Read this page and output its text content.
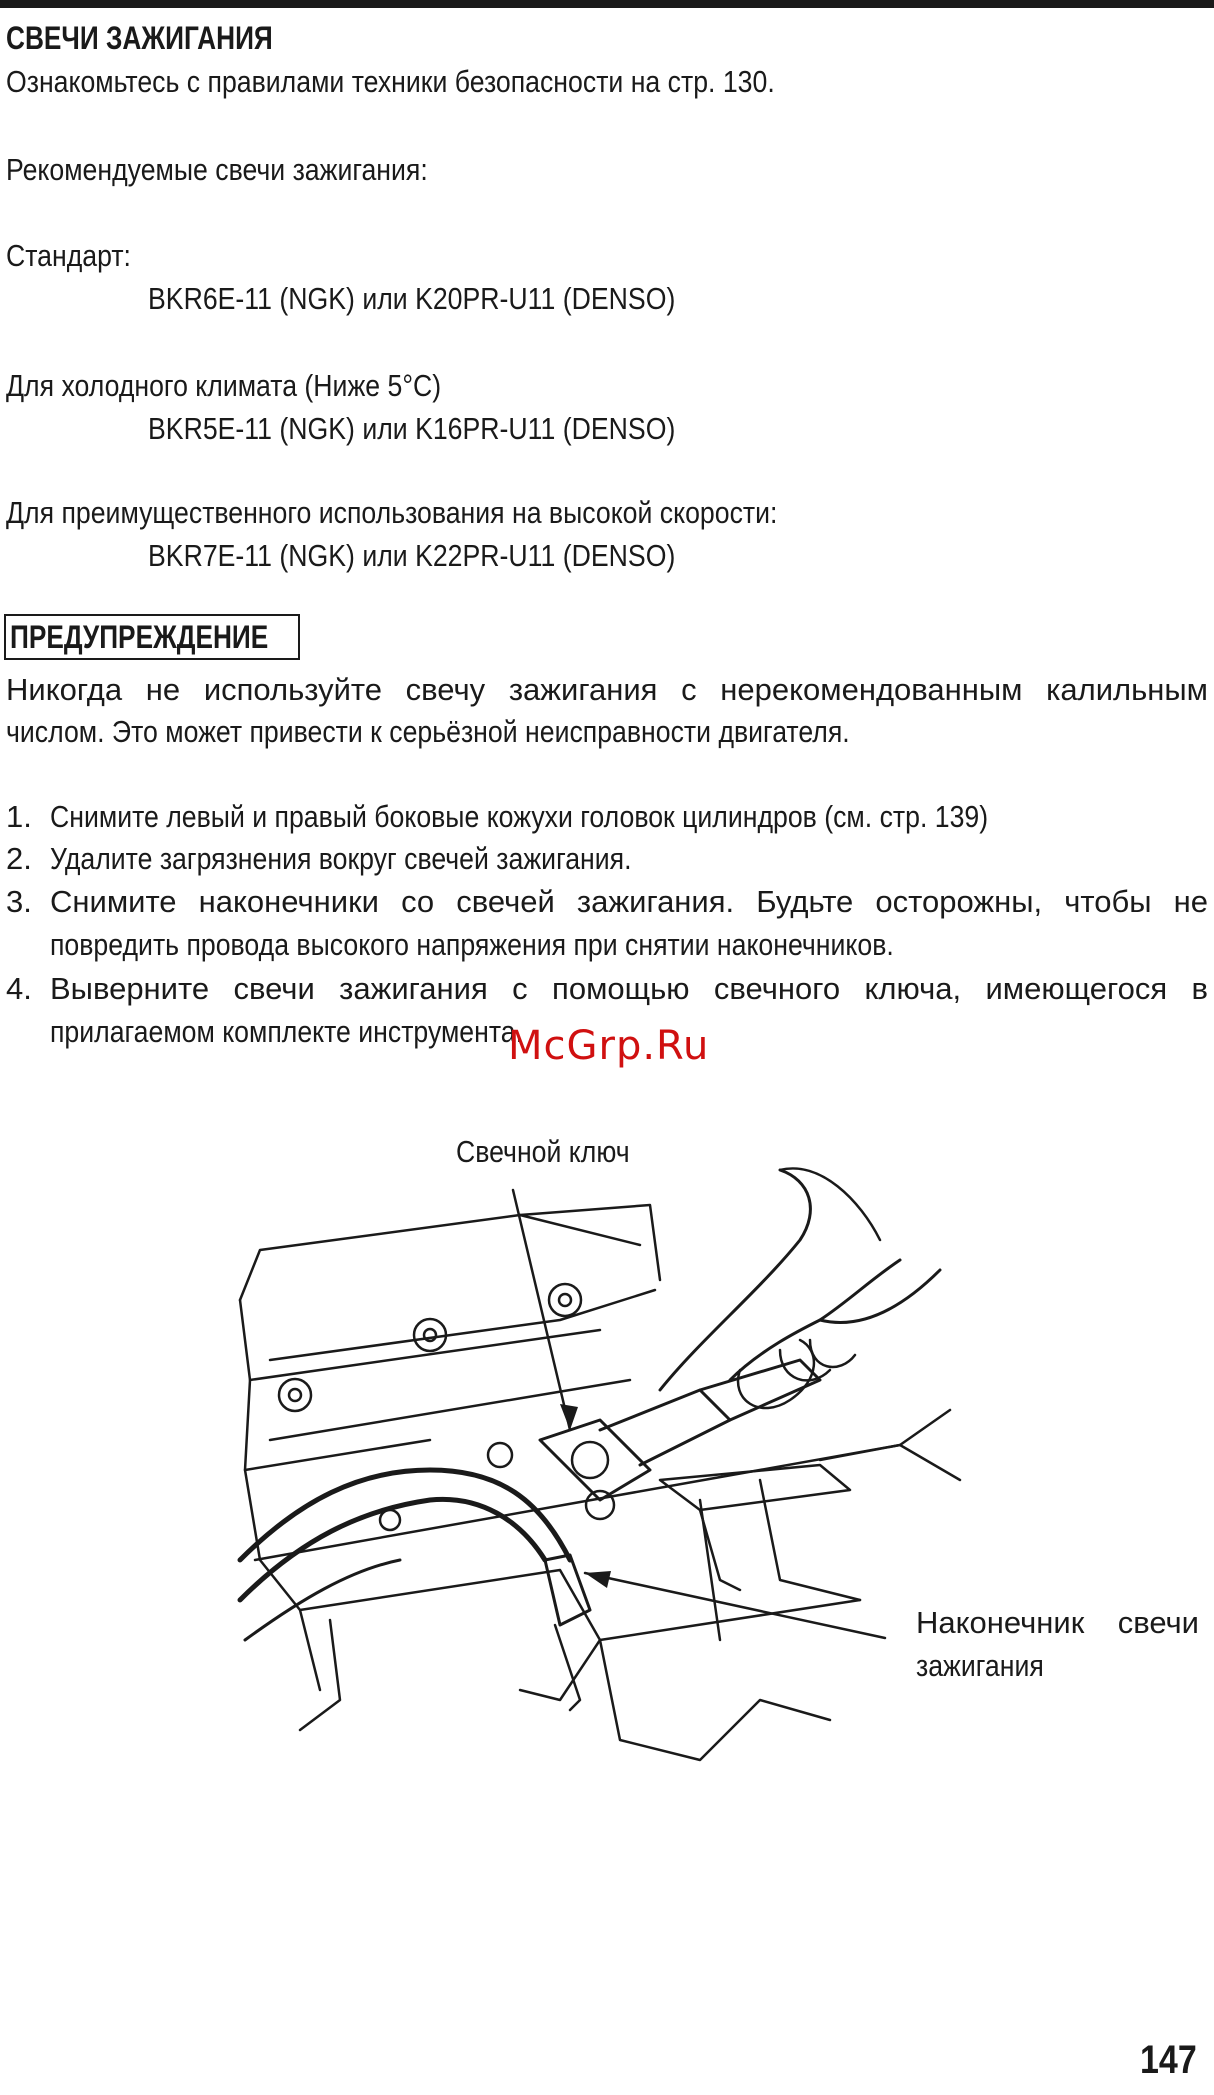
СВЕЧИ ЗАЖИГАНИЯ
Ознакомьтесь с правилами техники безопасности на стр. 130.
Рекомендуемые свечи зажигания:
Стандарт:
BKR6E-11 (NGK) или K20PR-U11 (DENSO)
Для холодного климата (Ниже 5°C)
BKR5E-11 (NGK) или K16PR-U11 (DENSO)
Для преимущественного использования на высокой скорости:
BKR7E-11 (NGK) или K22PR-U11 (DENSO)
ПРЕДУПРЕЖДЕНИЕ
Никогда не используйте свечу зажигания с нерекомендованным калильным
числом. Это может привести к серьёзной неисправности двигателя.
1. Снимите левый и правый боковые кожухи головок цилиндров (см. стр. 139)
2. Удалите загрязнения вокруг свечей зажигания.
3. Снимите наконечники со свечей зажигания. Будьте осторожны, чтобы не
повредить провода высокого напряжения при снятии наконечников.
4. Выверните свечи зажигания с помощью свечного ключа, имеющегося в
прилагаемом комплекте инструмента.
McGrp.Ru
Свечной ключ
Наконечник свечи
зажигания
147
